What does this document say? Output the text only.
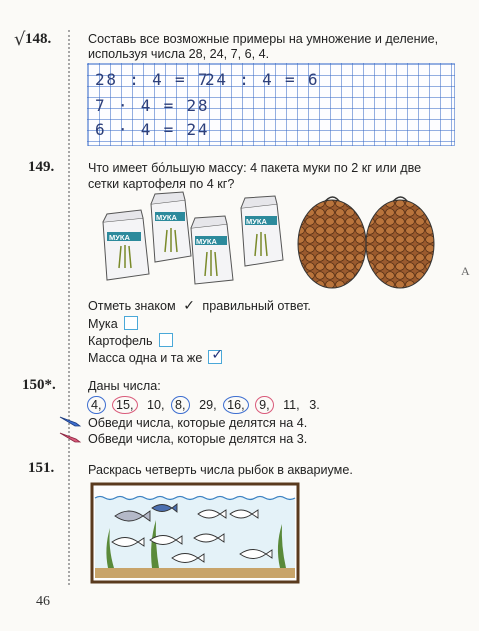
√ 148.	Составь все возможные примеры на умножение и деление,
используя числа 28, 24, 7, 6, 4.
28 : 4 = 7
24 : 4 = 6
7 · 4 = 28
6 · 4 = 24
149.	Что имеет бо́льшую массу: 4 пакета муки по 2 кг или две
сетки картофеля по 4 кг?
МУКА
МУКА
МУКА
МУКА
Отметь знаком ✓ правильный ответ.
Мука
Картофель
Масса одна и та же ✓
150*.	Даны числа:
4, 15, 10, 8, 29, 16, 9, 11, 3.
Обведи числа, которые делятся на 4.
Обведи числа, которые делятся на 3.
151.	Раскрась четверть числа рыбок в аквариуме.
46
A
